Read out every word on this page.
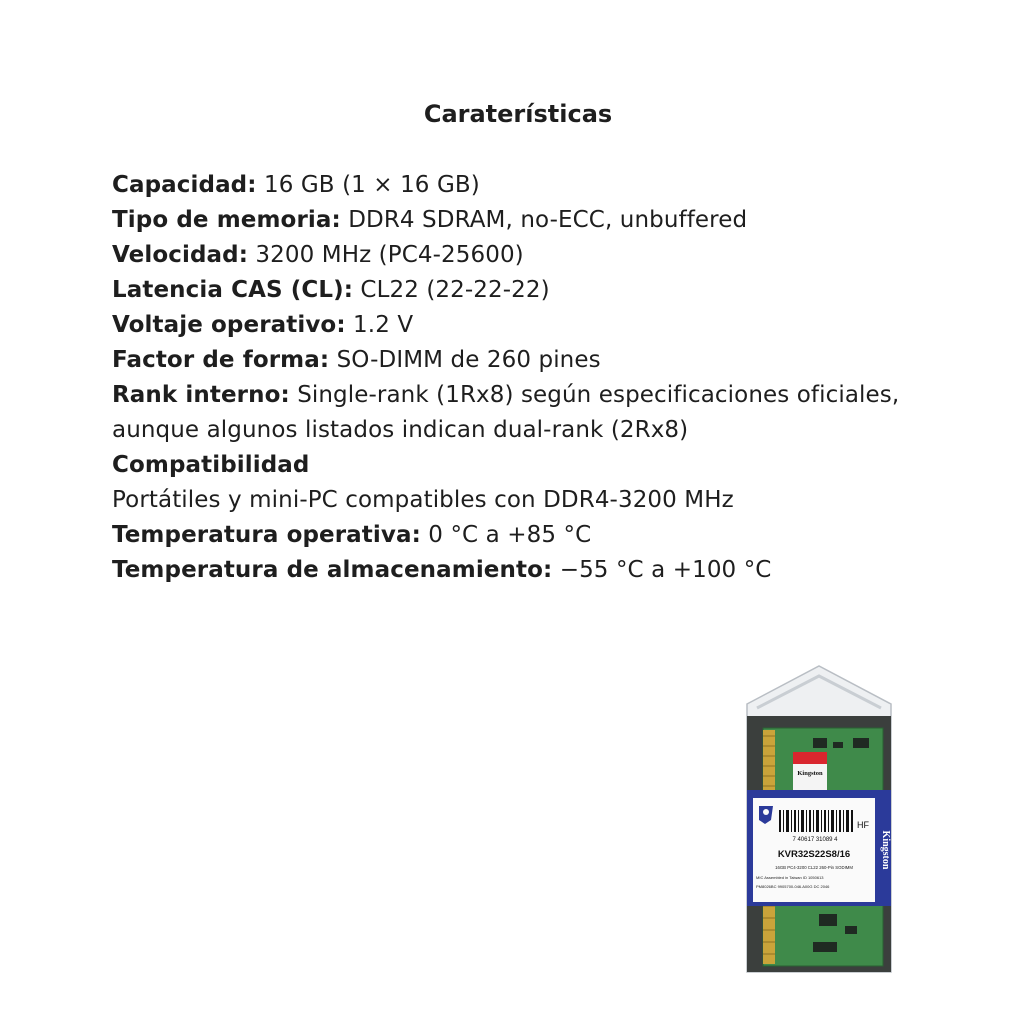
Caraterísticas
Capacidad: 16 GB (1 × 16 GB)
Tipo de memoria: DDR4 SDRAM, no-ECC, unbuffered
Velocidad: 3200 MHz (PC4-25600)
Latencia CAS (CL): CL22 (22-22-22)
Voltaje operativo: 1.2 V
Factor de forma: SO-DIMM de 260 pines
Rank interno: Single-rank (1Rx8) según especificaciones oficiales,
aunque algunos listados indican dual-rank (2Rx8)
Compatibilidad
Portátiles y mini-PC compatibles con DDR4-3200 MHz
Temperatura operativa: 0 °C a +85 °C
Temperatura de almacenamiento: −55 °C a +100 °C
Kingston
7 40617 31089 4
HF
KVR32S22S8/16
16GB PC4-3200 CL22 260-Pin SODIMM
MIC Assembled in Taiwan ID 1050613
PM8026BC 9905700-046.A00G DC 2046
Kingston
